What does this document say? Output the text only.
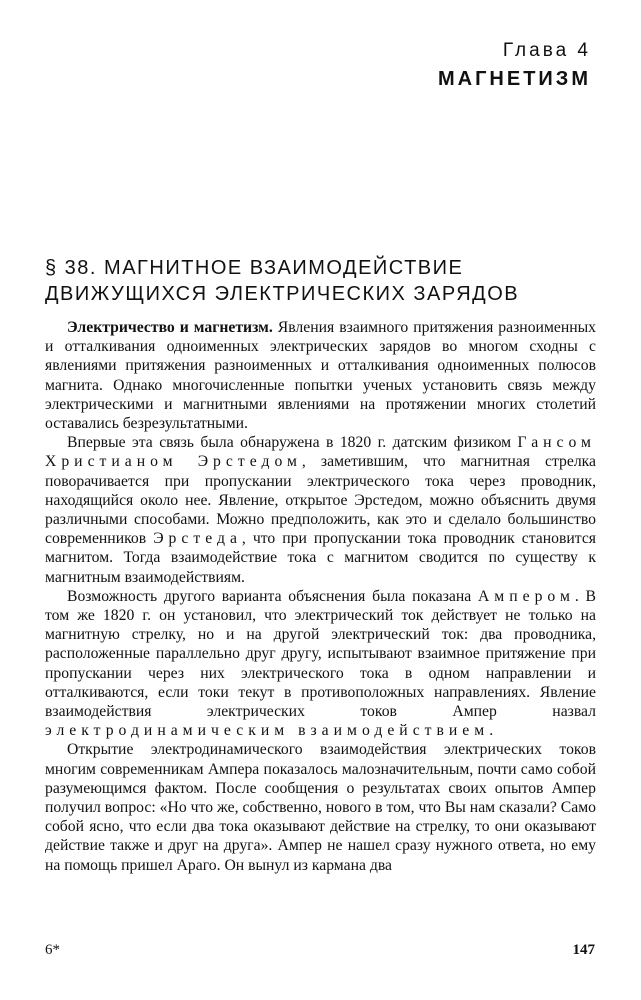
Глава 4

МАГНЕТИЗМ

§ 38. МАГНИТНОЕ ВЗАИМОДЕЙСТВИЕ
ДВИЖУЩИХСЯ ЭЛЕКТРИЧЕСКИХ ЗАРЯДОВ

Электричество и магнетизм. Явления взаимного притяжения разноименных и отталкивания одноименных электрических зарядов во многом сходны с явлениями притяжения разноименных и отталкивания одноименных полюсов магнита. Однако многочисленные попытки ученых установить связь между электрическими и магнитными явлениями на протяжении многих столетий оставались безрезультатными.

Впервые эта связь была обнаружена в 1820 г. датским физиком Гансом Христианом Эрстедом, заметившим, что магнитная стрелка поворачивается при пропускании электрического тока через проводник, находящийся около нее. Явление, открытое Эрстедом, можно объяснить двумя различными способами. Можно предположить, как это и сделало большинство современников Эрстеда, что при пропускании тока проводник становится магнитом. Тогда взаимодействие тока с магнитом сводится по существу к магнитным взаимодействиям.

Возможность другого варианта объяснения была показана Ампером. В том же 1820 г. он установил, что электрический ток действует не только на магнитную стрелку, но и на другой электрический ток: два проводника, расположенные параллельно друг другу, испытывают взаимное притяжение при пропускании через них электрического тока в одном направлении и отталкиваются, если токи текут в противоположных направлениях. Явление взаимодействия электрических токов Ампер назвал электродинамическим взаимодействием.

Открытие электродинамического взаимодействия электрических токов многим современникам Ампера показалось малозначительным, почти само собой разумеющимся фактом. После сообщения о результатах своих опытов Ампер получил вопрос: «Но что же, собственно, нового в том, что Вы нам сказали? Само собой ясно, что если два тока оказывают действие на стрелку, то они оказывают действие также и друг на друга». Ампер не нашел сразу нужного ответа, но ему на помощь пришел Араго. Он вынул из кармана два

6*	147
